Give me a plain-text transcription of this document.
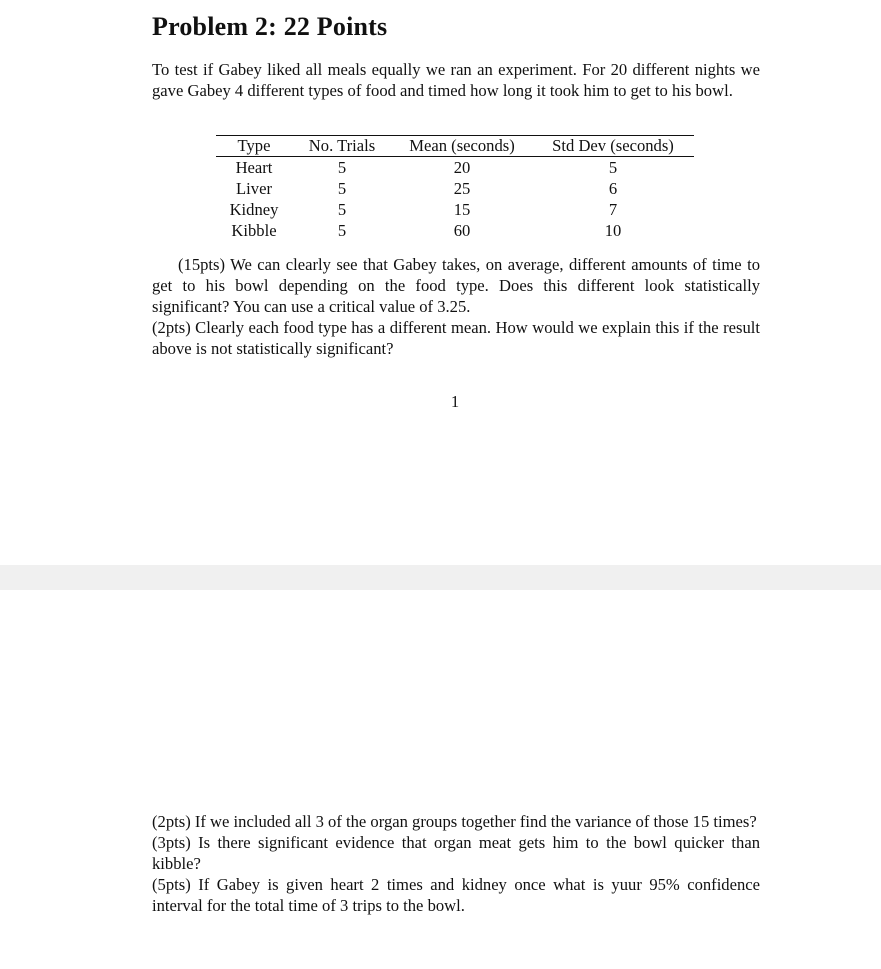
Problem 2: 22 Points

To test if Gabey liked all meals equally we ran an experiment. For 20 different nights we gave Gabey 4 different types of food and timed how long it took him to get to his bowl.

Type	No. Trials	Mean (seconds)	Std Dev (seconds)
Heart	5	20	5
Liver	5	25	6
Kidney	5	15	7
Kibble	5	60	10

(15pts) We can clearly see that Gabey takes, on average, different amounts of time to get to his bowl depending on the food type. Does this different look statistically significant? You can use a critical value of 3.25.

(2pts) Clearly each food type has a different mean. How would we explain this if the result above is not statistically significant?

1

(2pts) If we included all 3 of the organ groups together find the variance of those 15 times?

(3pts) Is there significant evidence that organ meat gets him to the bowl quicker than kibble?

(5pts) If Gabey is given heart 2 times and kidney once what is yuur 95% confidence interval for the total time of 3 trips to the bowl.
